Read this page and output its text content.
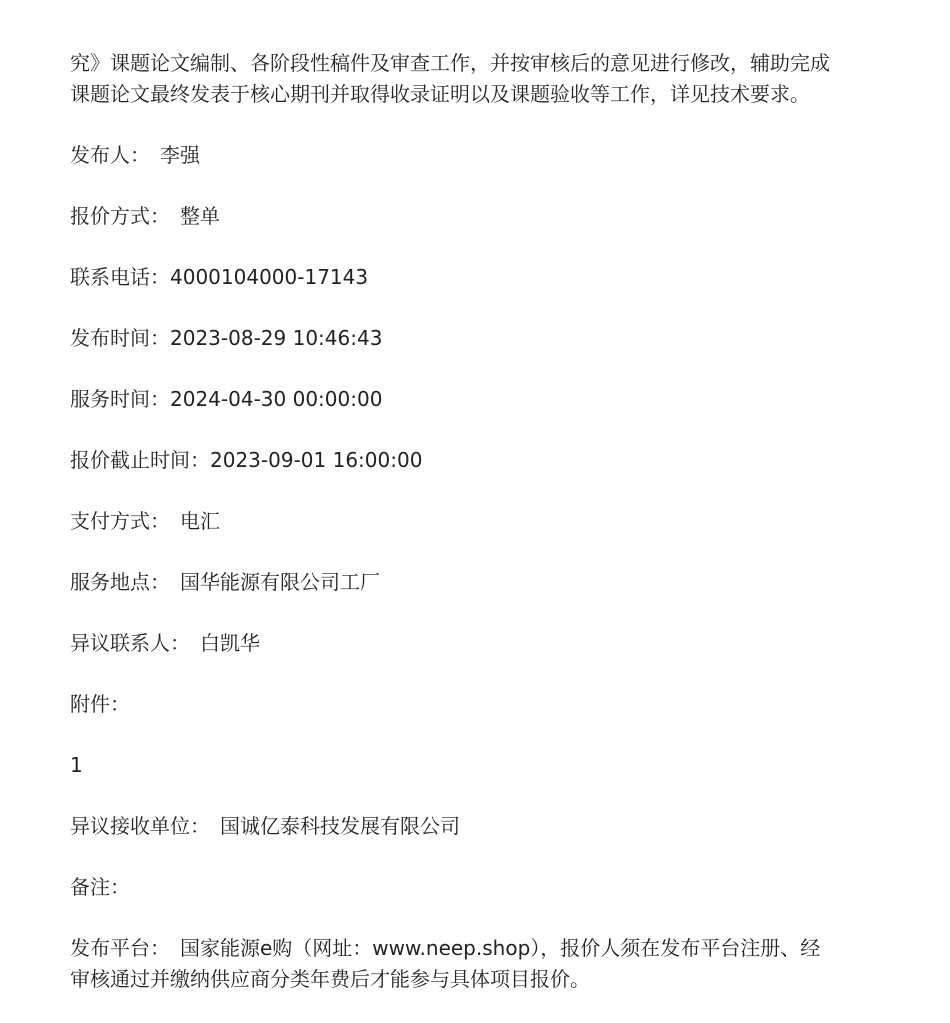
究》课题论文编制、各阶段性稿件及审查工作，并按审核后的意见进行修改，辅助完成

课题论文最终发表于核心期刊并取得收录证明以及课题验收等工作，详见技术要求。

发布人： 李强
报价方式： 整单
联系电话：4000104000-17143
发布时间：2023-08-29 10:46:43
服务时间：2024-04-30 00:00:00
报价截止时间：2023-09-01 16:00:00
支付方式： 电汇
服务地点： 国华能源有限公司工厂
异议联系人： 白凯华
附件：
1
异议接收单位： 国诚亿泰科技发展有限公司
备注：

发布平台： 国家能源e购（网址：www.neep.shop），报价人须在发布平台注册、经

审核通过并缴纳供应商分类年费后才能参与具体项目报价。
